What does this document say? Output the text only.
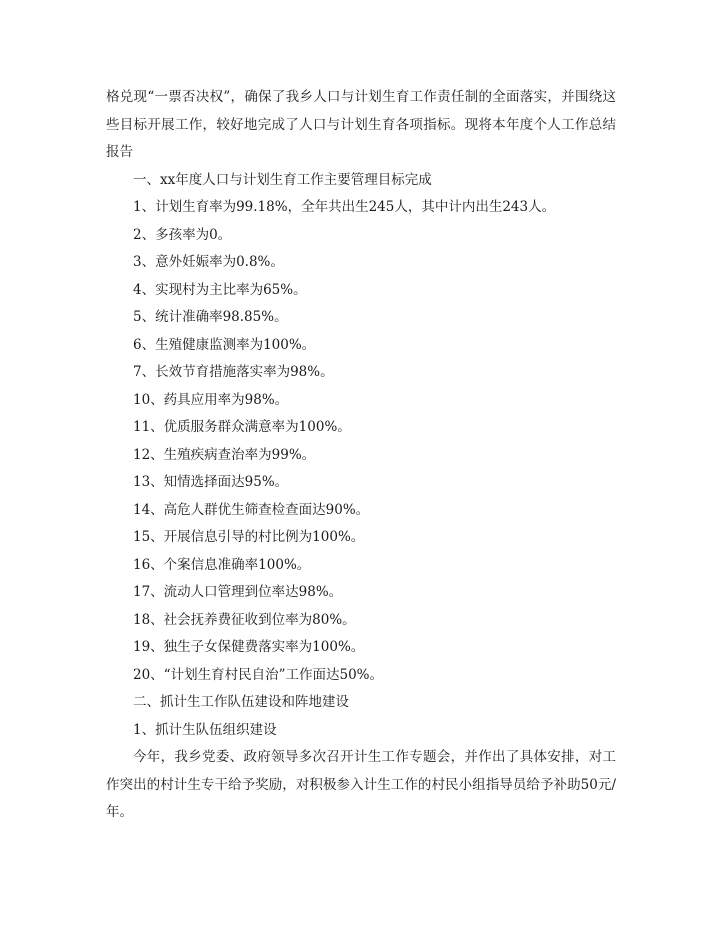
格兑现“一票否决权”，确保了我乡人口与计划生育工作责任制的全面落实，并围绕这些目标开展工作，较好地完成了人口与计划生育各项指标。现将本年度个人工作总结报告

一、xx年度人口与计划生育工作主要管理目标完成

1、计划生育率为99.18%，全年共出生245人，其中计内出生243人。

2、多孩率为0。

3、意外妊娠率为0.8%。

4、实现村为主比率为65%。

5、统计准确率98.85%。

6、生殖健康监测率为100%。

7、长效节育措施落实率为98%。

10、药具应用率为98%。

11、优质服务群众满意率为100%。

12、生殖疾病查治率为99%。

13、知情选择面达95%。

14、高危人群优生筛查检查面达90%。

15、开展信息引导的村比例为100%。

16、个案信息准确率100%。

17、流动人口管理到位率达98%。

18、社会抚养费征收到位率为80%。

19、独生子女保健费落实率为100%。

20、“计划生育村民自治”工作面达50%。

二、抓计生工作队伍建设和阵地建设

1、抓计生队伍组织建设

今年，我乡党委、政府领导多次召开计生工作专题会，并作出了具体安排，对工作突出的村计生专干给予奖励，对积极参入计生工作的村民小组指导员给予补助50元/年。
